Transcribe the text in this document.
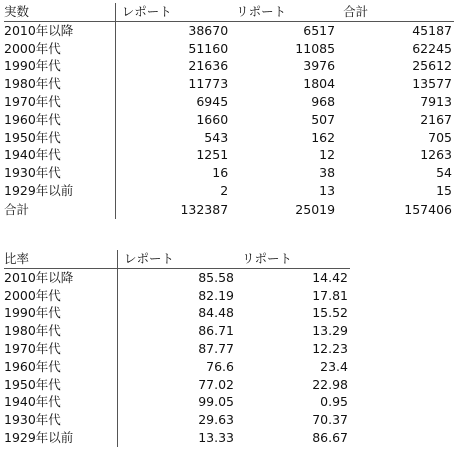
実数	レポート	リポート	合計
2010年以降	38670	6517	45187
2000年代	51160	11085	62245
1990年代	21636	3976	25612
1980年代	11773	1804	13577
1970年代	6945	968	7913
1960年代	1660	507	2167
1950年代	543	162	705
1940年代	1251	12	1263
1930年代	16	38	54
1929年以前	2	13	15
合計	132387	25019	157406
比率	レポート	リポート
2010年以降	85.58	14.42
2000年代	82.19	17.81
1990年代	84.48	15.52
1980年代	86.71	13.29
1970年代	87.77	12.23
1960年代	76.6	23.4
1950年代	77.02	22.98
1940年代	99.05	0.95
1930年代	29.63	70.37
1929年以前	13.33	86.67
